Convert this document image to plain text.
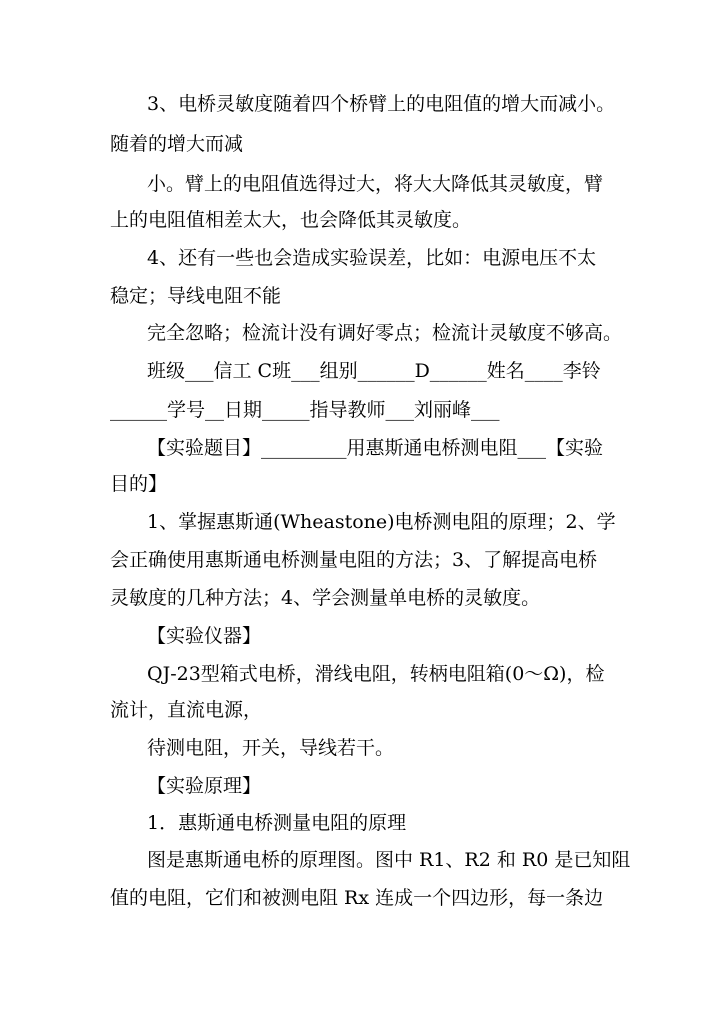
3、电桥灵敏度随着四个桥臂上的电阻值的增大而减小。
随着的增大而减
小。臂上的电阻值选得过大，将大大降低其灵敏度，臂
上的电阻值相差太大，也会降低其灵敏度。
4、还有一些也会造成实验误差，比如：电源电压不太
稳定；导线电阻不能
完全忽略；检流计没有调好零点；检流计灵敏度不够高。
班级___信工 C班___组别______D______姓名____李铃
______学号__日期_____指导教师___刘丽峰___
【实验题目】_________用惠斯通电桥测电阻___【实验
目的】
1、掌握惠斯通(Wheastone)电桥测电阻的原理；2、学
会正确使用惠斯通电桥测量电阻的方法；3、了解提高电桥
灵敏度的几种方法；4、学会测量单电桥的灵敏度。
【实验仪器】
QJ-23型箱式电桥，滑线电阻，转柄电阻箱(0～Ω)，检
流计，直流电源，
待测电阻，开关，导线若干。
【实验原理】
1．惠斯通电桥测量电阻的原理
图是惠斯通电桥的原理图。图中 R1、R2 和 R0 是已知阻
值的电阻，它们和被测电阻 Rx 连成一个四边形，每一条边
